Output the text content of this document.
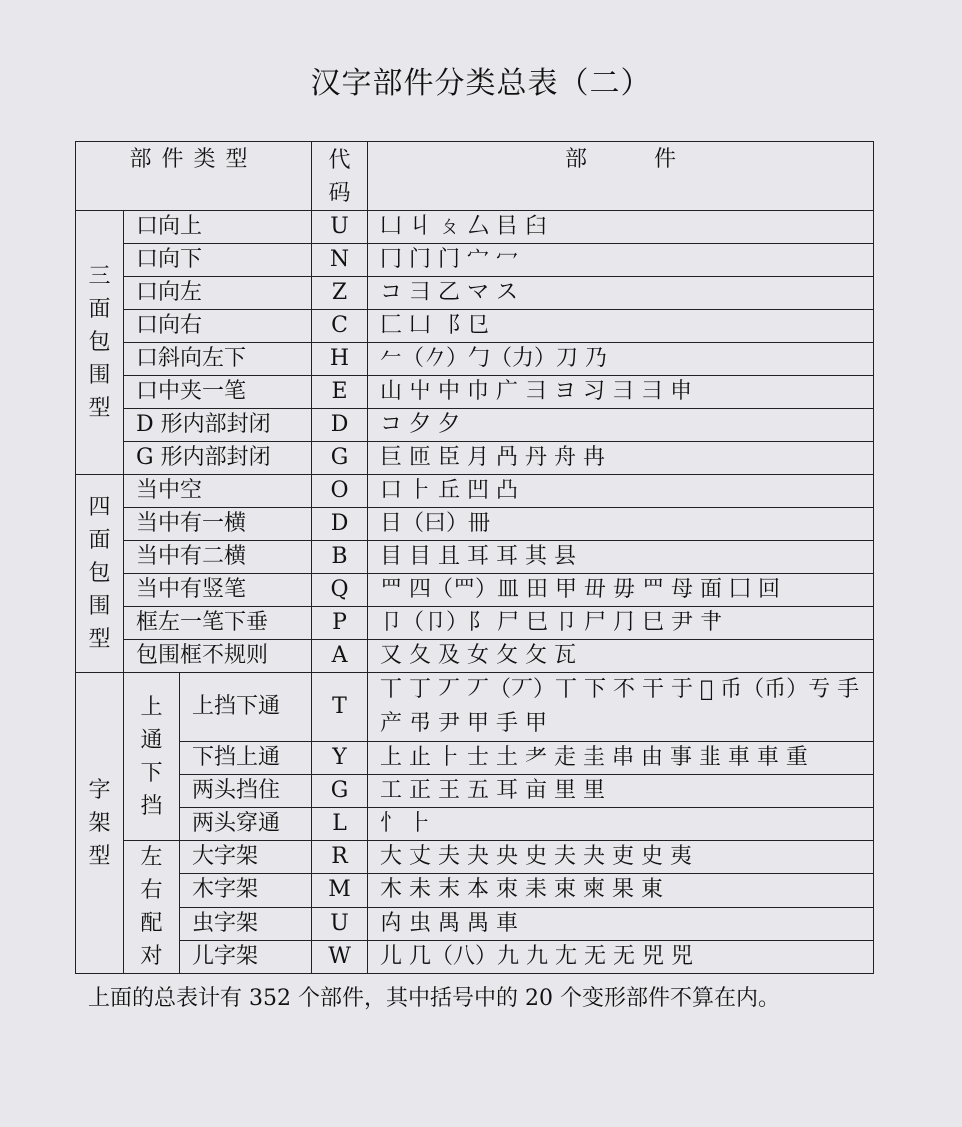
汉字部件分类总表（二）
部件类型			代码	部 件
三面包围型	口向上		U	凵 丩 ㄆ 厶 㠯 臼
	口向下		N	冂 门 门 宀 冖
	口向左		Z	コ ⺕ 乙 マ ス
	口向右		C	匚 ⼐ ⻏ 㔾
	口斜向左下		H	𠂉（𠂊）勹（力）刀 乃
	口中夹一笔		E	山 屮 中 巾 广 彐 ヨ 习 ⺕ ⺕ 申
	D 形内部封闭		D	コ 夕 夕
	G 形内部封闭		G	巨 匝 臣 月 冎 丹 舟 冉
四面包围型	当中空		O	口 ⺊ 丘 凹 凸
	当中有一横		D	日（曰）冊
	当中有二横		B	目 目 且 耳 耳 其 县
	当中有竖笔		Q	罒 四（罒）皿 田 甲 毌 毋 罒 母 面 囗 回
	框左一笔下垂		P	卩（卩）阝 尸 巳 卩 尸 ⺆ 巳 尹 ⺺
	包围框不规则		A	又 夂 及 女 攵 攵 瓦
字架型	上通下挡	上挡下通	T	丅 丁 丆 丆（丆）丅 下 不 干 于 𠀆 币（币）亐 手
产 弔 尹 甲 手 甲

		下挡上通	Y	上 止 ⺊ 士 土 耂 走 圭 串 由 事 韭 車 車 重
		两头挡住	G	工 正 王 五 耳 亩 里 里
		两头穿通	L	忄 ⺊
	左右配对	大字架	R	大 丈 夫 夬 央 史 夫 夬 吏 史 夷
		木字架	M	木 未 末 本 朿 耒 束 柬 果 東
		虫字架	U	禸 虫 禺 禺 車
		儿字架	W	儿 几（八）九 九 尢 无 无 兕 兕
上面的总表计有 352 个部件，其中括号中的 20 个变形部件不算在内。
